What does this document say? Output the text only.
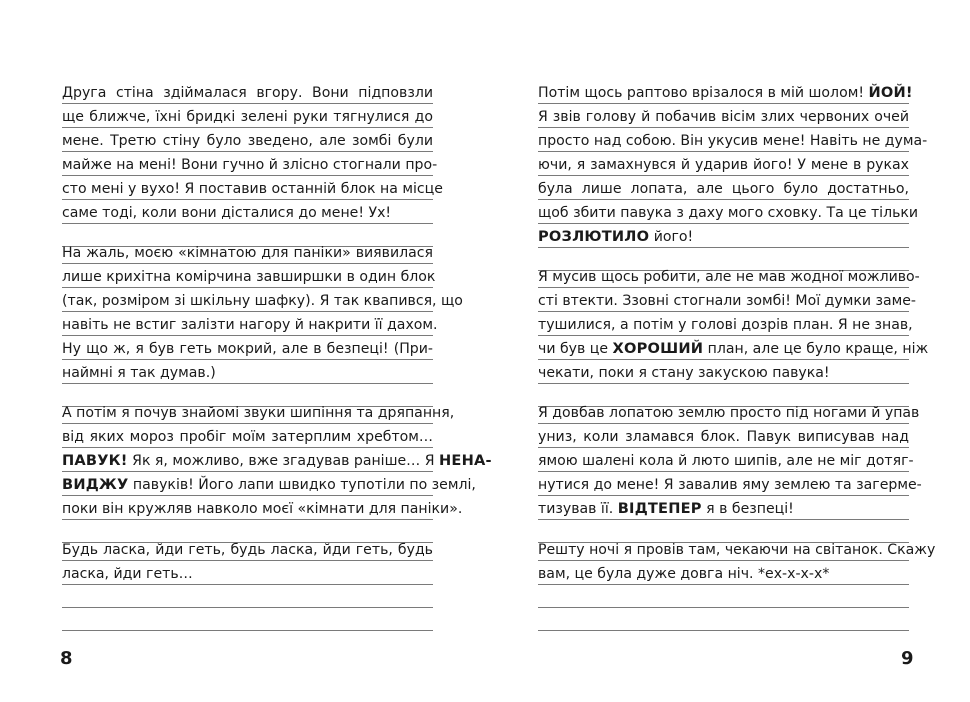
Друга стіна здіймалася вгору. Вони підповзли
ще ближче, їхні бридкі зелені руки тягнулися до
мене. Третю стіну було зведено, але зомбі були
майже на мені! Вони гучно й злісно стогнали про-
сто мені у вухо! Я поставив останній блок на місце
саме тоді, коли вони дісталися до мене! Ух!
На жаль, моєю «кімнатою для паніки» виявилася
лише крихітна комірчина завширшки в один блок
(так, розміром зі шкільну шафку). Я так квапився, що
навіть не встиг залізти нагору й накрити її дахом.
Ну що ж, я був геть мокрий, але в безпеці! (При-
наймні я так думав.)
А потім я почув знайомі звуки шипіння та дряпання,
від яких мороз пробіг моїм затерплим хребтом…
ПАВУК! Як я, можливо, вже згадував раніше… Я НЕНА-
ВИДЖУ павуків! Його лапи швидко тупотіли по землі,
поки він кружляв навколо моєї «кімнати для паніки».
Будь ласка, йди геть, будь ласка, йди геть, будь
ласка, йди геть…
8
Потім щось раптово врізалося в мій шолом! ЙОЙ!
Я звів голову й побачив вісім злих червоних очей
просто над собою. Він укусив мене! Навіть не дума-
ючи, я замахнувся й ударив його! У мене в руках
була лише лопата, але цього було достатньо,
щоб збити павука з даху мого сховку. Та це тільки
РОЗЛЮТИЛО його!
Я мусив щось робити, але не мав жодної можливо-
сті втекти. Ззовні стогнали зомбі! Мої думки заме-
тушилися, а потім у голові дозрів план. Я не знав,
чи був це ХОРОШИЙ план, але це було краще, ніж
чекати, поки я стану закускою павука!
Я довбав лопатою землю просто під ногами й упав
униз, коли зламався блок. Павук виписував над
ямою шалені кола й люто шипів, але не міг дотяг-
нутися до мене! Я завалив яму землею та загерме-
тизував її. ВІДТЕПЕР я в безпеці!
Решту ночі я провів там, чекаючи на світанок. Скажу
вам, це була дуже довга ніч. *ех-х-х-х*
9
